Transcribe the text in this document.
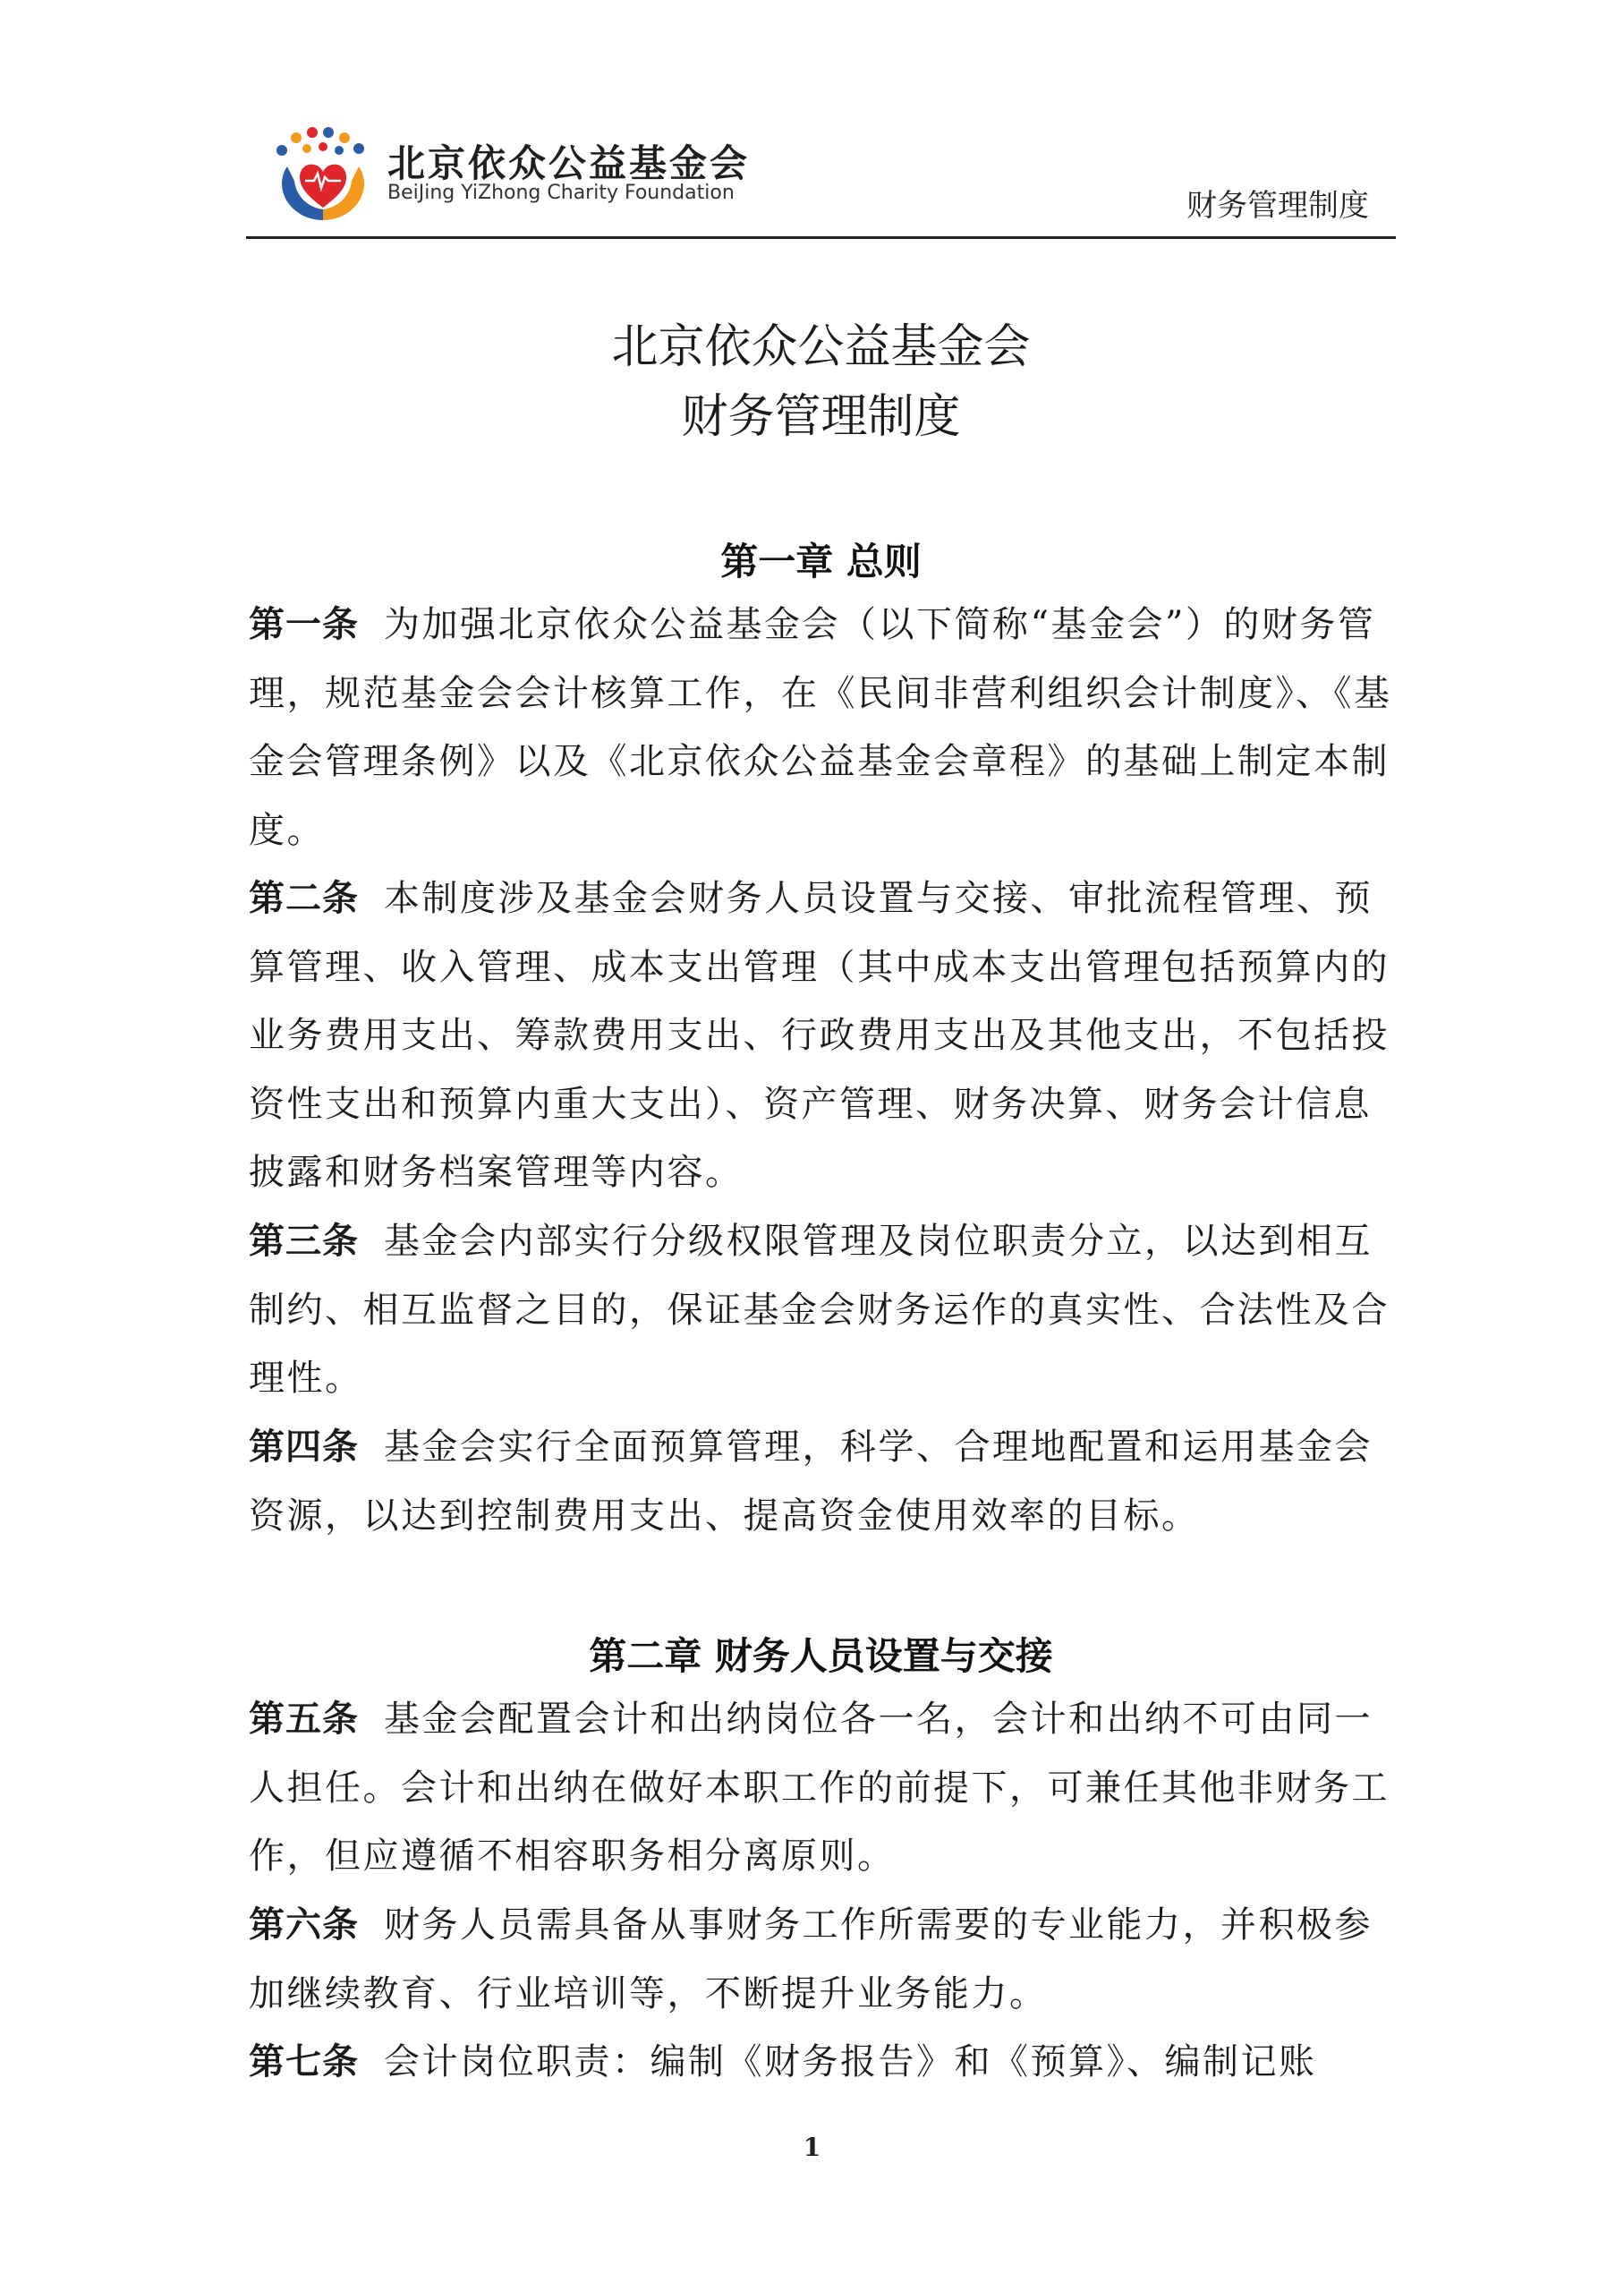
北京依众公益基金会
BeiJing YiZhong Charity Foundation	财务管理制度
北京依众公益基金会
财务管理制度
第一章 总则
第一条 为加强北京依众公益基金会（以下简称“基金会”）的财务管理，规范基金会会计核算工作，在《民间非营利组织会计制度》、《基金会管理条例》以及《北京依众公益基金会章程》的基础上制定本制度。
第二条 本制度涉及基金会财务人员设置与交接、审批流程管理、预算管理、收入管理、成本支出管理（其中成本支出管理包括预算内的业务费用支出、筹款费用支出、行政费用支出及其他支出，不包括投资性支出和预算内重大支出）、资产管理、财务决算、财务会计信息披露和财务档案管理等内容。
第三条 基金会内部实行分级权限管理及岗位职责分立，以达到相互制约、相互监督之目的，保证基金会财务运作的真实性、合法性及合理性。
第四条 基金会实行全面预算管理，科学、合理地配置和运用基金会资源，以达到控制费用支出、提高资金使用效率的目标。
第二章 财务人员设置与交接
第五条 基金会配置会计和出纳岗位各一名，会计和出纳不可由同一人担任。会计和出纳在做好本职工作的前提下，可兼任其他非财务工作，但应遵循不相容职务相分离原则。
第六条 财务人员需具备从事财务工作所需要的专业能力，并积极参加继续教育、行业培训等，不断提升业务能力。
第七条 会计岗位职责：编制《财务报告》和《预算》、编制记账
1
